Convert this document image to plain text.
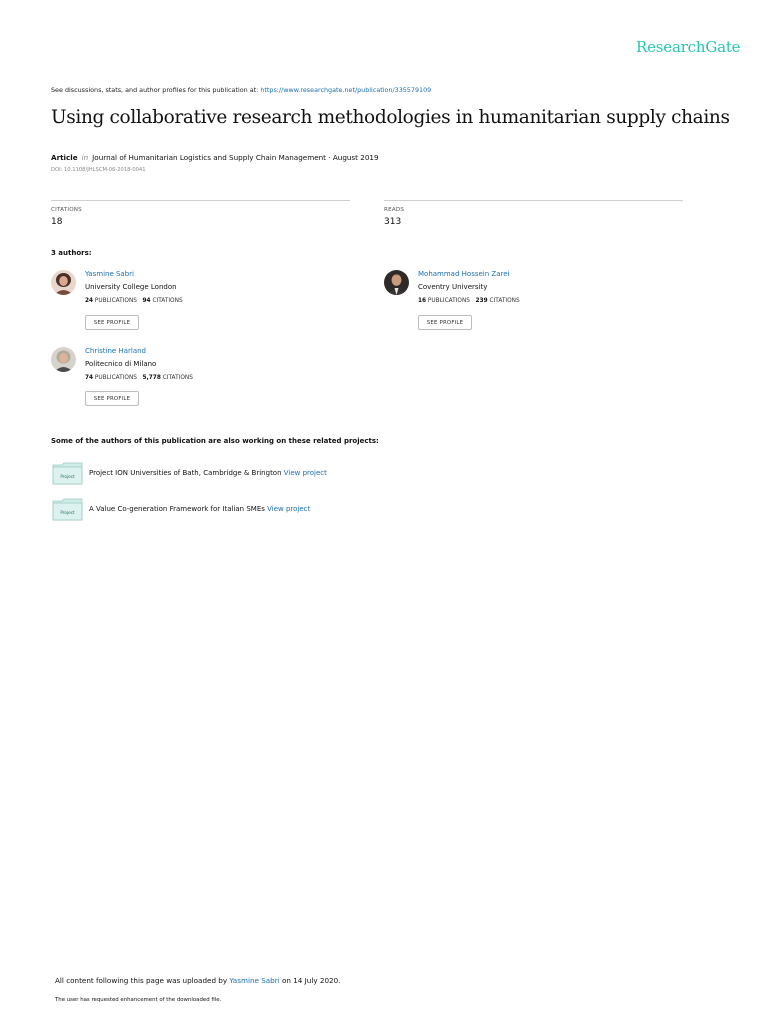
ResearchGate
See discussions, stats, and author profiles for this publication at: https://www.researchgate.net/publication/335579109
Using collaborative research methodologies in humanitarian supply chains
Article in Journal of Humanitarian Logistics and Supply Chain Management · August 2019
DOI: 10.1108/JHLSCM-06-2018-0041
CITATIONS
18
READS
313
3 authors:
Yasmine Sabri
University College London
24 PUBLICATIONS 94 CITATIONS
SEE PROFILE
Mohammad Hossein Zarei
Coventry University
16 PUBLICATIONS 239 CITATIONS
SEE PROFILE
Christine Harland
Politecnico di Milano
74 PUBLICATIONS 5,778 CITATIONS
SEE PROFILE
Some of the authors of this publication are also working on these related projects:
Project Project ION Universities of Bath, Cambridge & Brington View project
Project A Value Co-generation Framework for Italian SMEs View project
All content following this page was uploaded by Yasmine Sabri on 14 July 2020.
The user has requested enhancement of the downloaded file.
